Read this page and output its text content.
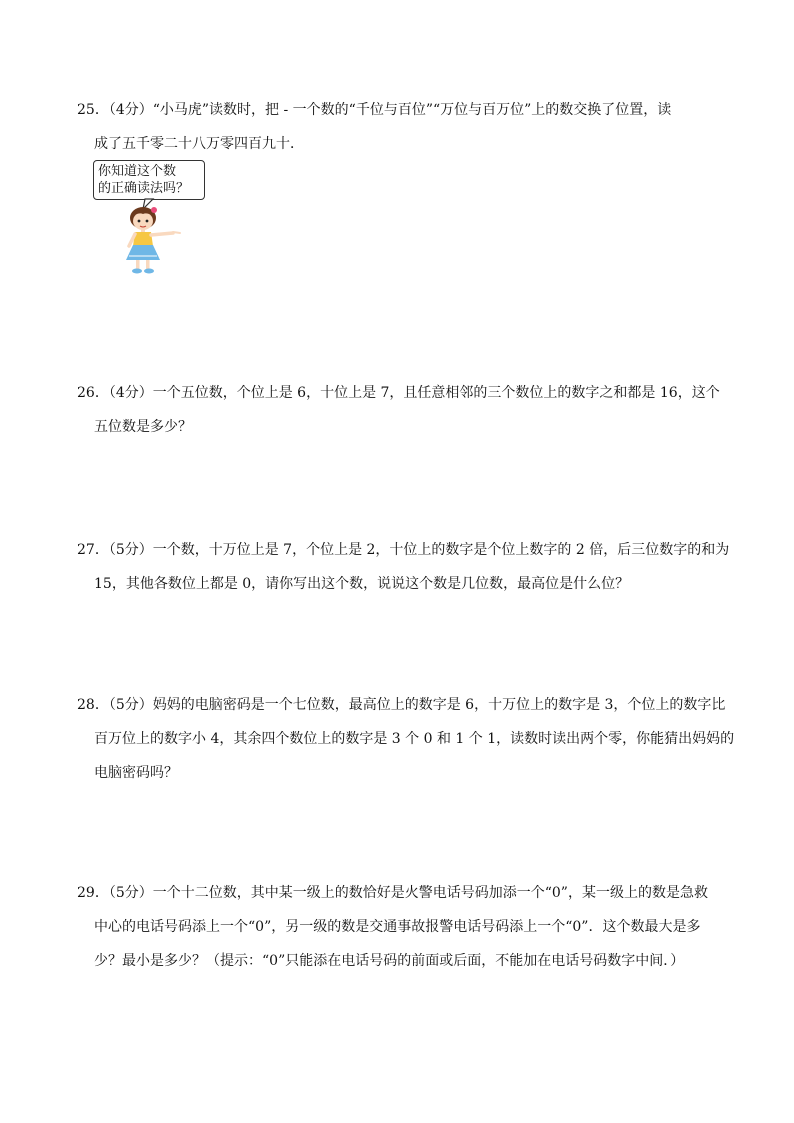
25．（4分）“小马虎”读数时，把 - 一个数的“千位与百位”“万位与百万位”上的数交换了位置，读
成了五千零二十八万零四百九十．
你知道这个数
的正确读法吗？
26．（4分）一个五位数，个位上是 6，十位上是 7，且任意相邻的三个数位上的数字之和都是 16，这个
五位数是多少？
27．（5分）一个数，十万位上是 7，个位上是 2，十位上的数字是个位上数字的 2 倍，后三位数字的和为
15，其他各数位上都是 0，请你写出这个数，说说这个数是几位数，最高位是什么位？
28．（5分）妈妈的电脑密码是一个七位数，最高位上的数字是 6，十万位上的数字是 3，个位上的数字比
百万位上的数字小 4，其余四个数位上的数字是 3 个 0 和 1 个 1，读数时读出两个零，你能猜出妈妈的
电脑密码吗？
29．（5分）一个十二位数，其中某一级上的数恰好是火警电话号码加添一个“0”，某一级上的数是急救
中心的电话号码添上一个“0”，另一级的数是交通事故报警电话号码添上一个“0”．这个数最大是多
少？最小是多少？（提示：“0”只能添在电话号码的前面或后面，不能加在电话号码数字中间．）
